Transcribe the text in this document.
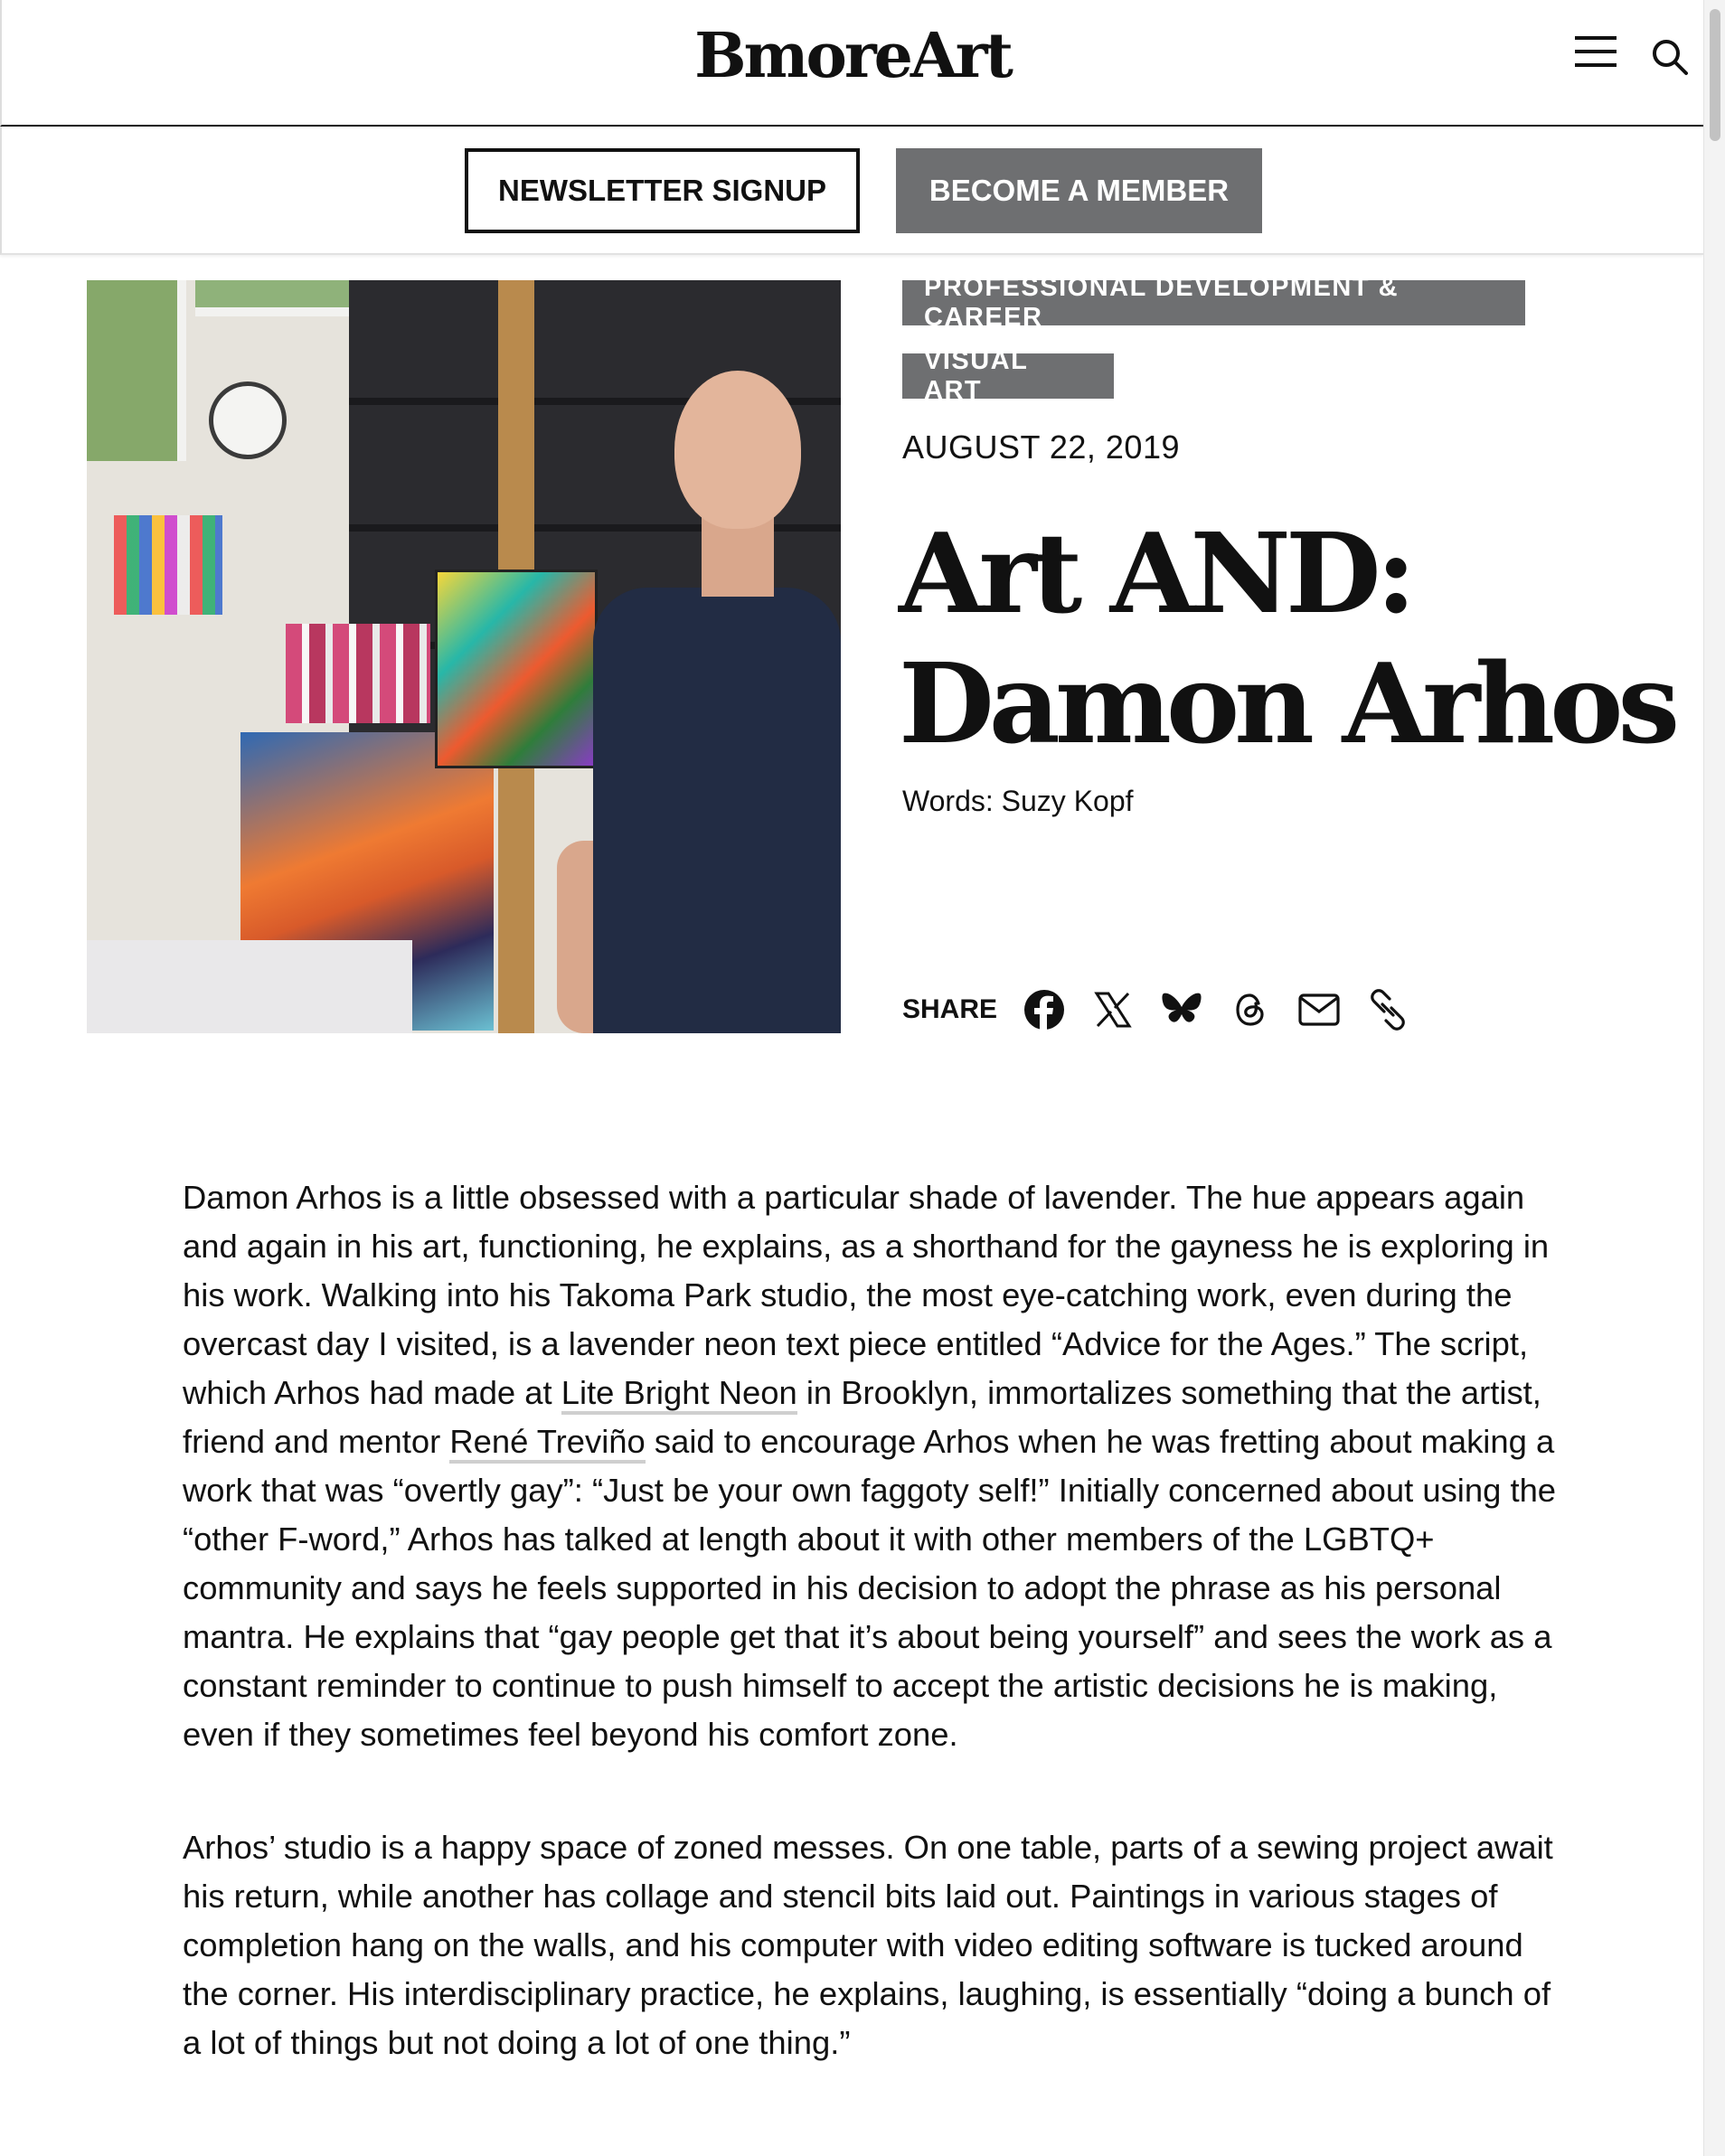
BmoreArt
NEWSLETTER SIGNUP	BECOME A MEMBER
PROFESSIONAL DEVELOPMENT & CAREER
VISUAL ART
AUGUST 22, 2019
Art AND:
Damon Arhos
Words: Suzy Kopf
SHARE

Damon Arhos is a little obsessed with a particular shade of lavender. The hue appears again and again in his art, functioning, he explains, as a shorthand for the gayness he is exploring in his work. Walking into his Takoma Park studio, the most eye-catching work, even during the overcast day I visited, is a lavender neon text piece entitled “Advice for the Ages.” The script, which Arhos had made at Lite Bright Neon in Brooklyn, immortalizes something that the artist, friend and mentor René Treviño said to encourage Arhos when he was fretting about making a work that was “overtly gay”: “Just be your own faggoty self!” Initially concerned about using the “other F-word,” Arhos has talked at length about it with other members of the LGBTQ+ community and says he feels supported in his decision to adopt the phrase as his personal mantra. He explains that “gay people get that it’s about being yourself” and sees the work as a constant reminder to continue to push himself to accept the artistic decisions he is making, even if they sometimes feel beyond his comfort zone.

Arhos’ studio is a happy space of zoned messes. On one table, parts of a sewing project await his return, while another has collage and stencil bits laid out. Paintings in various stages of completion hang on the walls, and his computer with video editing software is tucked around the corner. His interdisciplinary practice, he explains, laughing, is essentially “doing a bunch of a lot of things but not doing a lot of one thing.”
